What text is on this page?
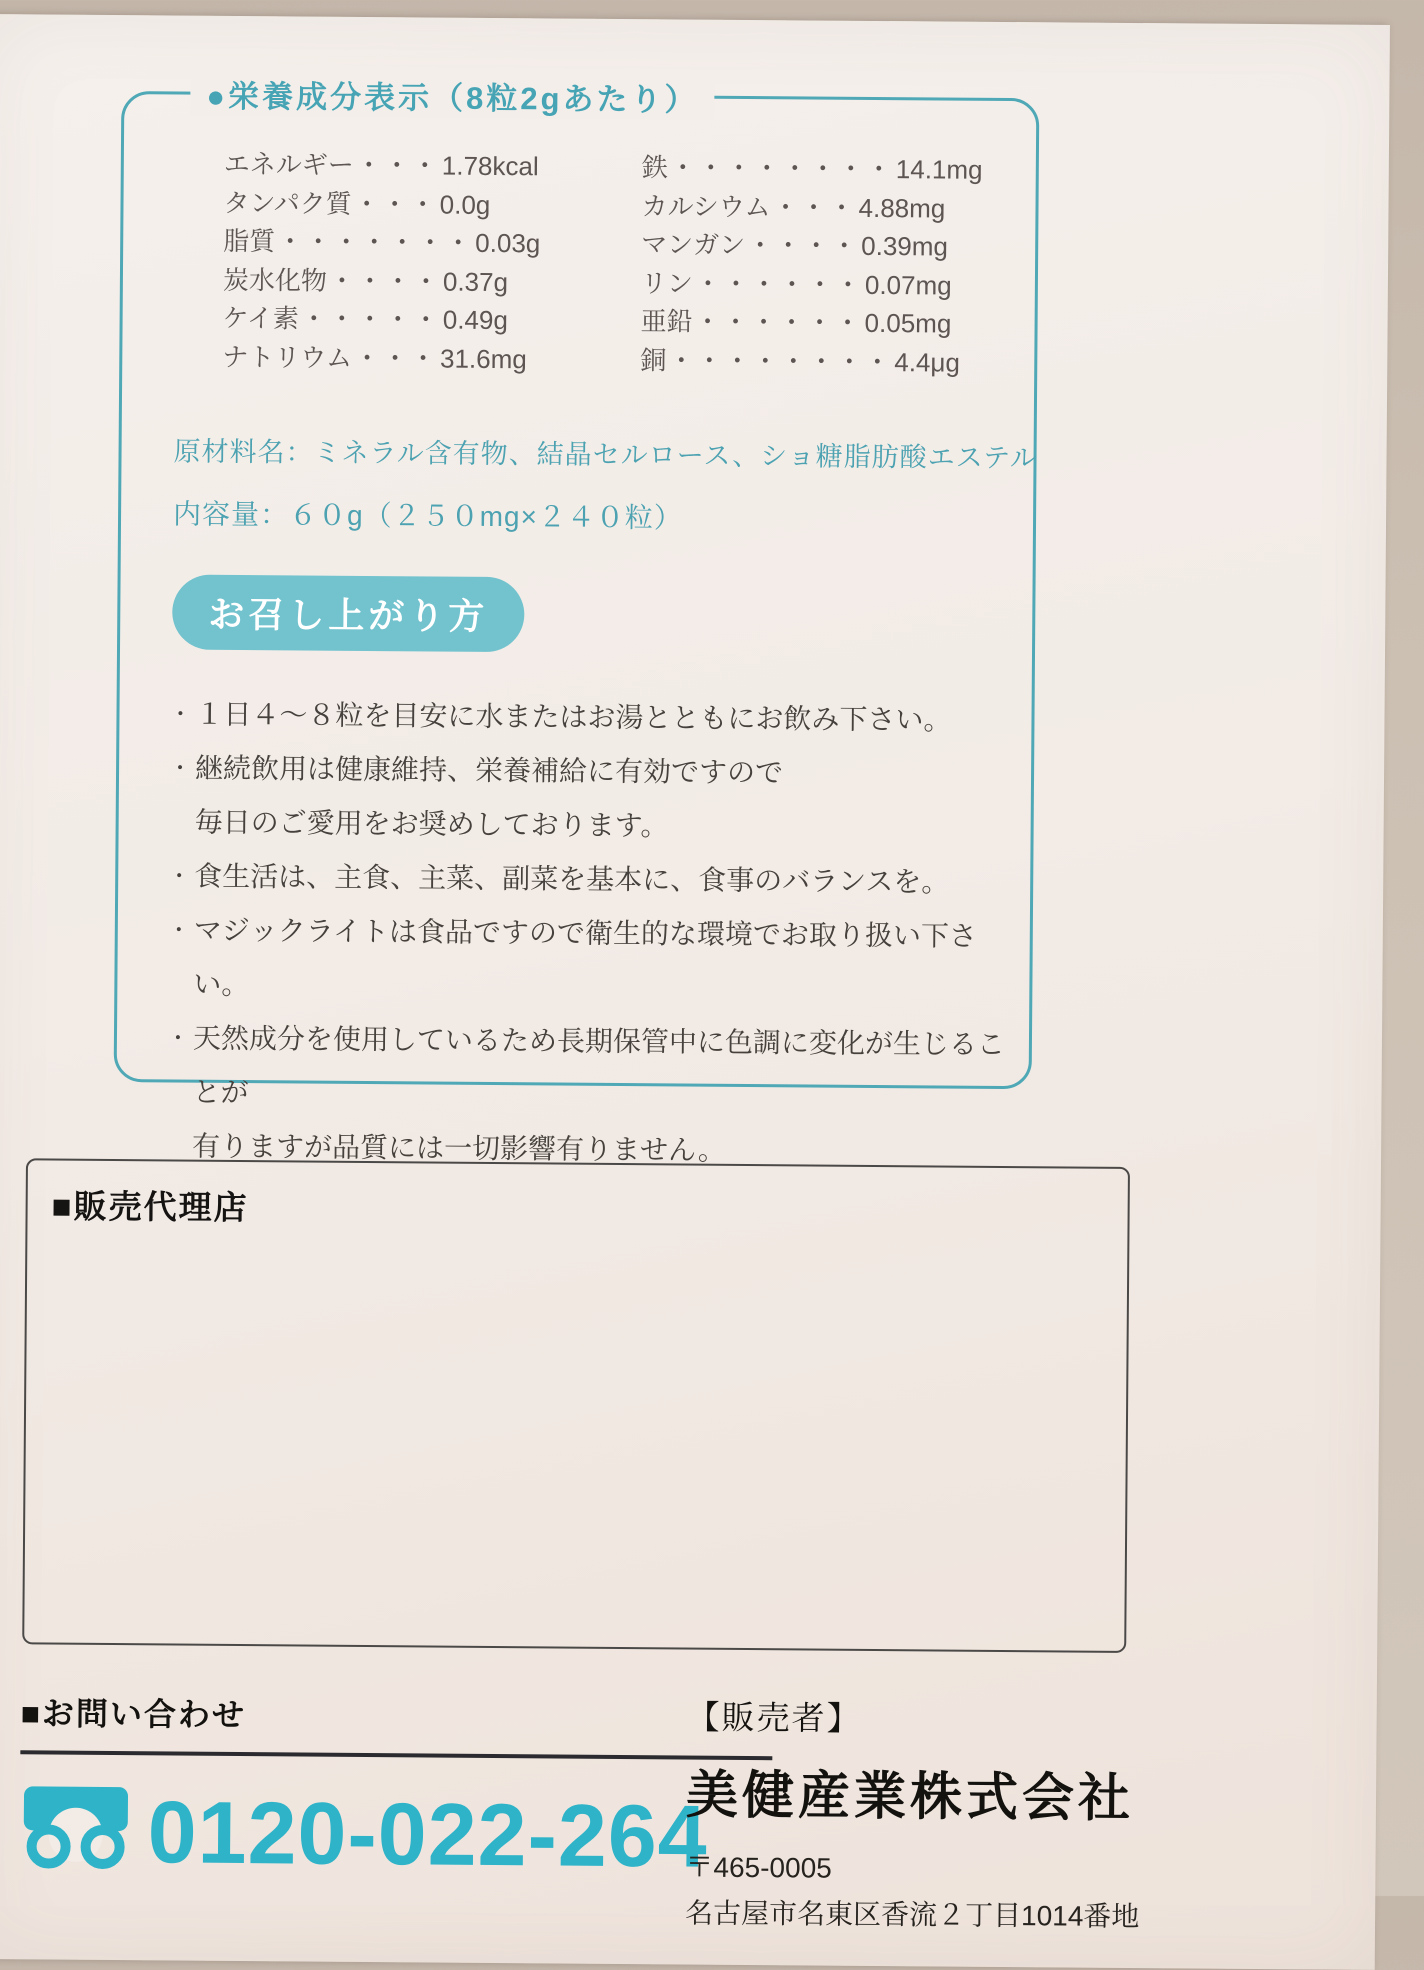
●栄養成分表示（8粒2gあたり）
エネルギー・・・1.78kcal
タンパク質・・・0.0g
脂質・・・・・・・0.03g
炭水化物・・・・0.37g
ケイ素・・・・・0.49g
ナトリウム・・・31.6mg
鉄・・・・・・・・14.1mg
カルシウム・・・4.88mg
マンガン・・・・0.39mg
リン・・・・・・0.07mg
亜鉛・・・・・・0.05mg
銅・・・・・・・・4.4μg
原材料名：ミネラル含有物、結晶セルロース、ショ糖脂肪酸エステル
内容量：６０g（２５０mg×２４０粒）
お召し上がり方
・ １日４〜８粒を目安に水またはお湯とともにお飲み下さい。
・ 継続飲用は健康維持、栄養補給に有効ですので
毎日のご愛用をお奨めしております。
・ 食生活は、主食、主菜、副菜を基本に、食事のバランスを。
・ マジックライトは食品ですので衛生的な環境でお取り扱い下さい。
・ 天然成分を使用しているため長期保管中に色調に変化が生じることが
有りますが品質には一切影響有りません。
■販売代理店
■お問い合わせ
0120-022-264
【販売者】
美健産業株式会社
〒465-0005
名古屋市名東区香流２丁目1014番地
